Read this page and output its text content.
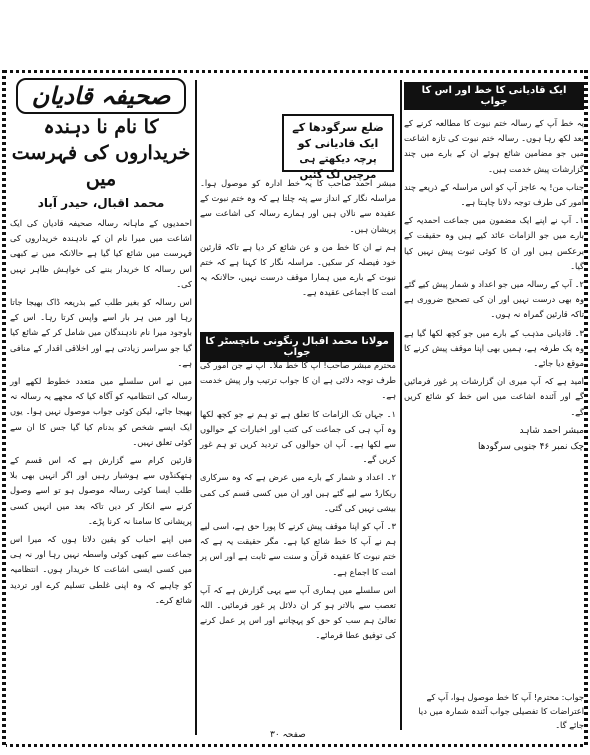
صحیفہ قادیان
کا نام نا دہندہ
خریداروں کی فہرست میں
محمد اقبال، حیدر آباد

احمدیوں کے ماہانہ رسالہ صحیفہ قادیان کی ایک اشاعت میں میرا نام ان کے نادہندہ خریداروں کی فہرست میں شائع کیا گیا ہے حالانکہ میں نے کبھی اس رسالہ کا خریدار بننے کی خواہش ظاہر نہیں کی۔

اس رسالہ کو بغیر طلب کیے بذریعہ ڈاک بھیجا جاتا رہا اور میں ہر بار اسے واپس کرتا رہا۔ اس کے باوجود میرا نام نادہندگان میں شامل کر کے شائع کیا گیا جو سراسر زیادتی ہے اور اخلاقی اقدار کے منافی ہے۔

میں نے اس سلسلے میں متعدد خطوط لکھے اور رسالہ کی انتظامیہ کو آگاہ کیا کہ مجھے یہ رسالہ نہ بھیجا جائے، لیکن کوئی جواب موصول نہیں ہوا۔ یوں ایک ایسے شخص کو بدنام کیا گیا جس کا ان سے کوئی تعلق نہیں۔

قارئین کرام سے گزارش ہے کہ اس قسم کے ہتھکنڈوں سے ہوشیار رہیں اور اگر انہیں بھی بلا طلب ایسا کوئی رسالہ موصول ہو تو اسے وصول کرنے سے انکار کر دیں تاکہ بعد میں انہیں کسی پریشانی کا سامنا نہ کرنا پڑے۔

میں اپنے احباب کو یقین دلاتا ہوں کہ میرا اس جماعت سے کبھی کوئی واسطہ نہیں رہا اور نہ ہی میں کسی ایسی اشاعت کا خریدار ہوں۔ انتظامیہ کو چاہیے کہ وہ اپنی غلطی تسلیم کرے اور تردید شائع کرے۔

ایک قادیانی کا خط اور اس کا جواب

یہ خط آپ کے رسالہ ختم نبوت کا مطالعہ کرنے کے بعد لکھ رہا ہوں۔ رسالہ ختم نبوت کی تازہ اشاعت میں جو مضامین شائع ہوئے ان کے بارے میں چند گزارشات پیش خدمت ہیں۔

جناب من! یہ عاجز آپ کو اس مراسلہ کے ذریعے چند امور کی طرف توجہ دلانا چاہتا ہے۔

۱۔ آپ نے اپنے ایک مضمون میں جماعت احمدیہ کے بارے میں جو الزامات عائد کیے ہیں وہ حقیقت کے برعکس ہیں اور ان کا کوئی ثبوت پیش نہیں کیا گیا۔

۲۔ آپ کے رسالہ میں جو اعداد و شمار پیش کیے گئے وہ بھی درست نہیں اور ان کی تصحیح ضروری ہے تاکہ قارئین گمراہ نہ ہوں۔

۳۔ قادیانی مذہب کے بارے میں جو کچھ لکھا گیا ہے وہ یک طرفہ ہے، ہمیں بھی اپنا موقف پیش کرنے کا موقع دیا جائے۔

امید ہے کہ آپ میری ان گزارشات پر غور فرمائیں گے اور آئندہ اشاعت میں اس خط کو شائع کریں گے۔

مبشر احمد شاہد
چک نمبر ۴۶ جنوبی سرگودھا
جواب: محترم! آپ کا خط موصول ہوا، آپ کے اعتراضات کا تفصیلی جواب آئندہ شمارہ میں دیا جائے گا۔
ضلع سرگودھا کے ایک قادیانی کو
پرچہ دیکھتے ہی مرچیں لگ گئیں

مبشر احمد صاحب کا یہ خط ادارہ کو موصول ہوا۔ مراسلہ نگار کے انداز سے پتہ چلتا ہے کہ وہ ختم نبوت کے عقیدہ سے نالاں ہیں اور ہمارے رسالہ کی اشاعت سے پریشان ہیں۔

ہم نے ان کا خط من و عن شائع کر دیا ہے تاکہ قارئین خود فیصلہ کر سکیں۔ مراسلہ نگار کا کہنا ہے کہ ختم نبوت کے بارے میں ہمارا موقف درست نہیں، حالانکہ یہ امت کا اجماعی عقیدہ ہے۔

مولانا محمد اقبال رنگونی مانچسٹر کا جواب

محترم مبشر صاحب! آپ کا خط ملا۔ آپ نے جن امور کی طرف توجہ دلائی ہے ان کا جواب ترتیب وار پیش خدمت ہے۔

۱۔ جہاں تک الزامات کا تعلق ہے تو ہم نے جو کچھ لکھا وہ آپ ہی کی جماعت کی کتب اور اخبارات کے حوالوں سے لکھا ہے۔ آپ ان حوالوں کی تردید کریں تو ہم غور کریں گے۔

۲۔ اعداد و شمار کے بارے میں عرض ہے کہ وہ سرکاری ریکارڈ سے لیے گئے ہیں اور ان میں کسی قسم کی کمی بیشی نہیں کی گئی۔

۳۔ آپ کو اپنا موقف پیش کرنے کا پورا حق ہے، اسی لیے ہم نے آپ کا خط شائع کیا ہے۔ مگر حقیقت یہ ہے کہ ختم نبوت کا عقیدہ قرآن و سنت سے ثابت ہے اور اس پر امت کا اجماع ہے۔

اس سلسلے میں ہماری آپ سے یہی گزارش ہے کہ آپ تعصب سے بالاتر ہو کر ان دلائل پر غور فرمائیں۔ اللہ تعالیٰ ہم سب کو حق کو پہچاننے اور اس پر عمل کرنے کی توفیق عطا فرمائے۔

صفحہ ۳۰
